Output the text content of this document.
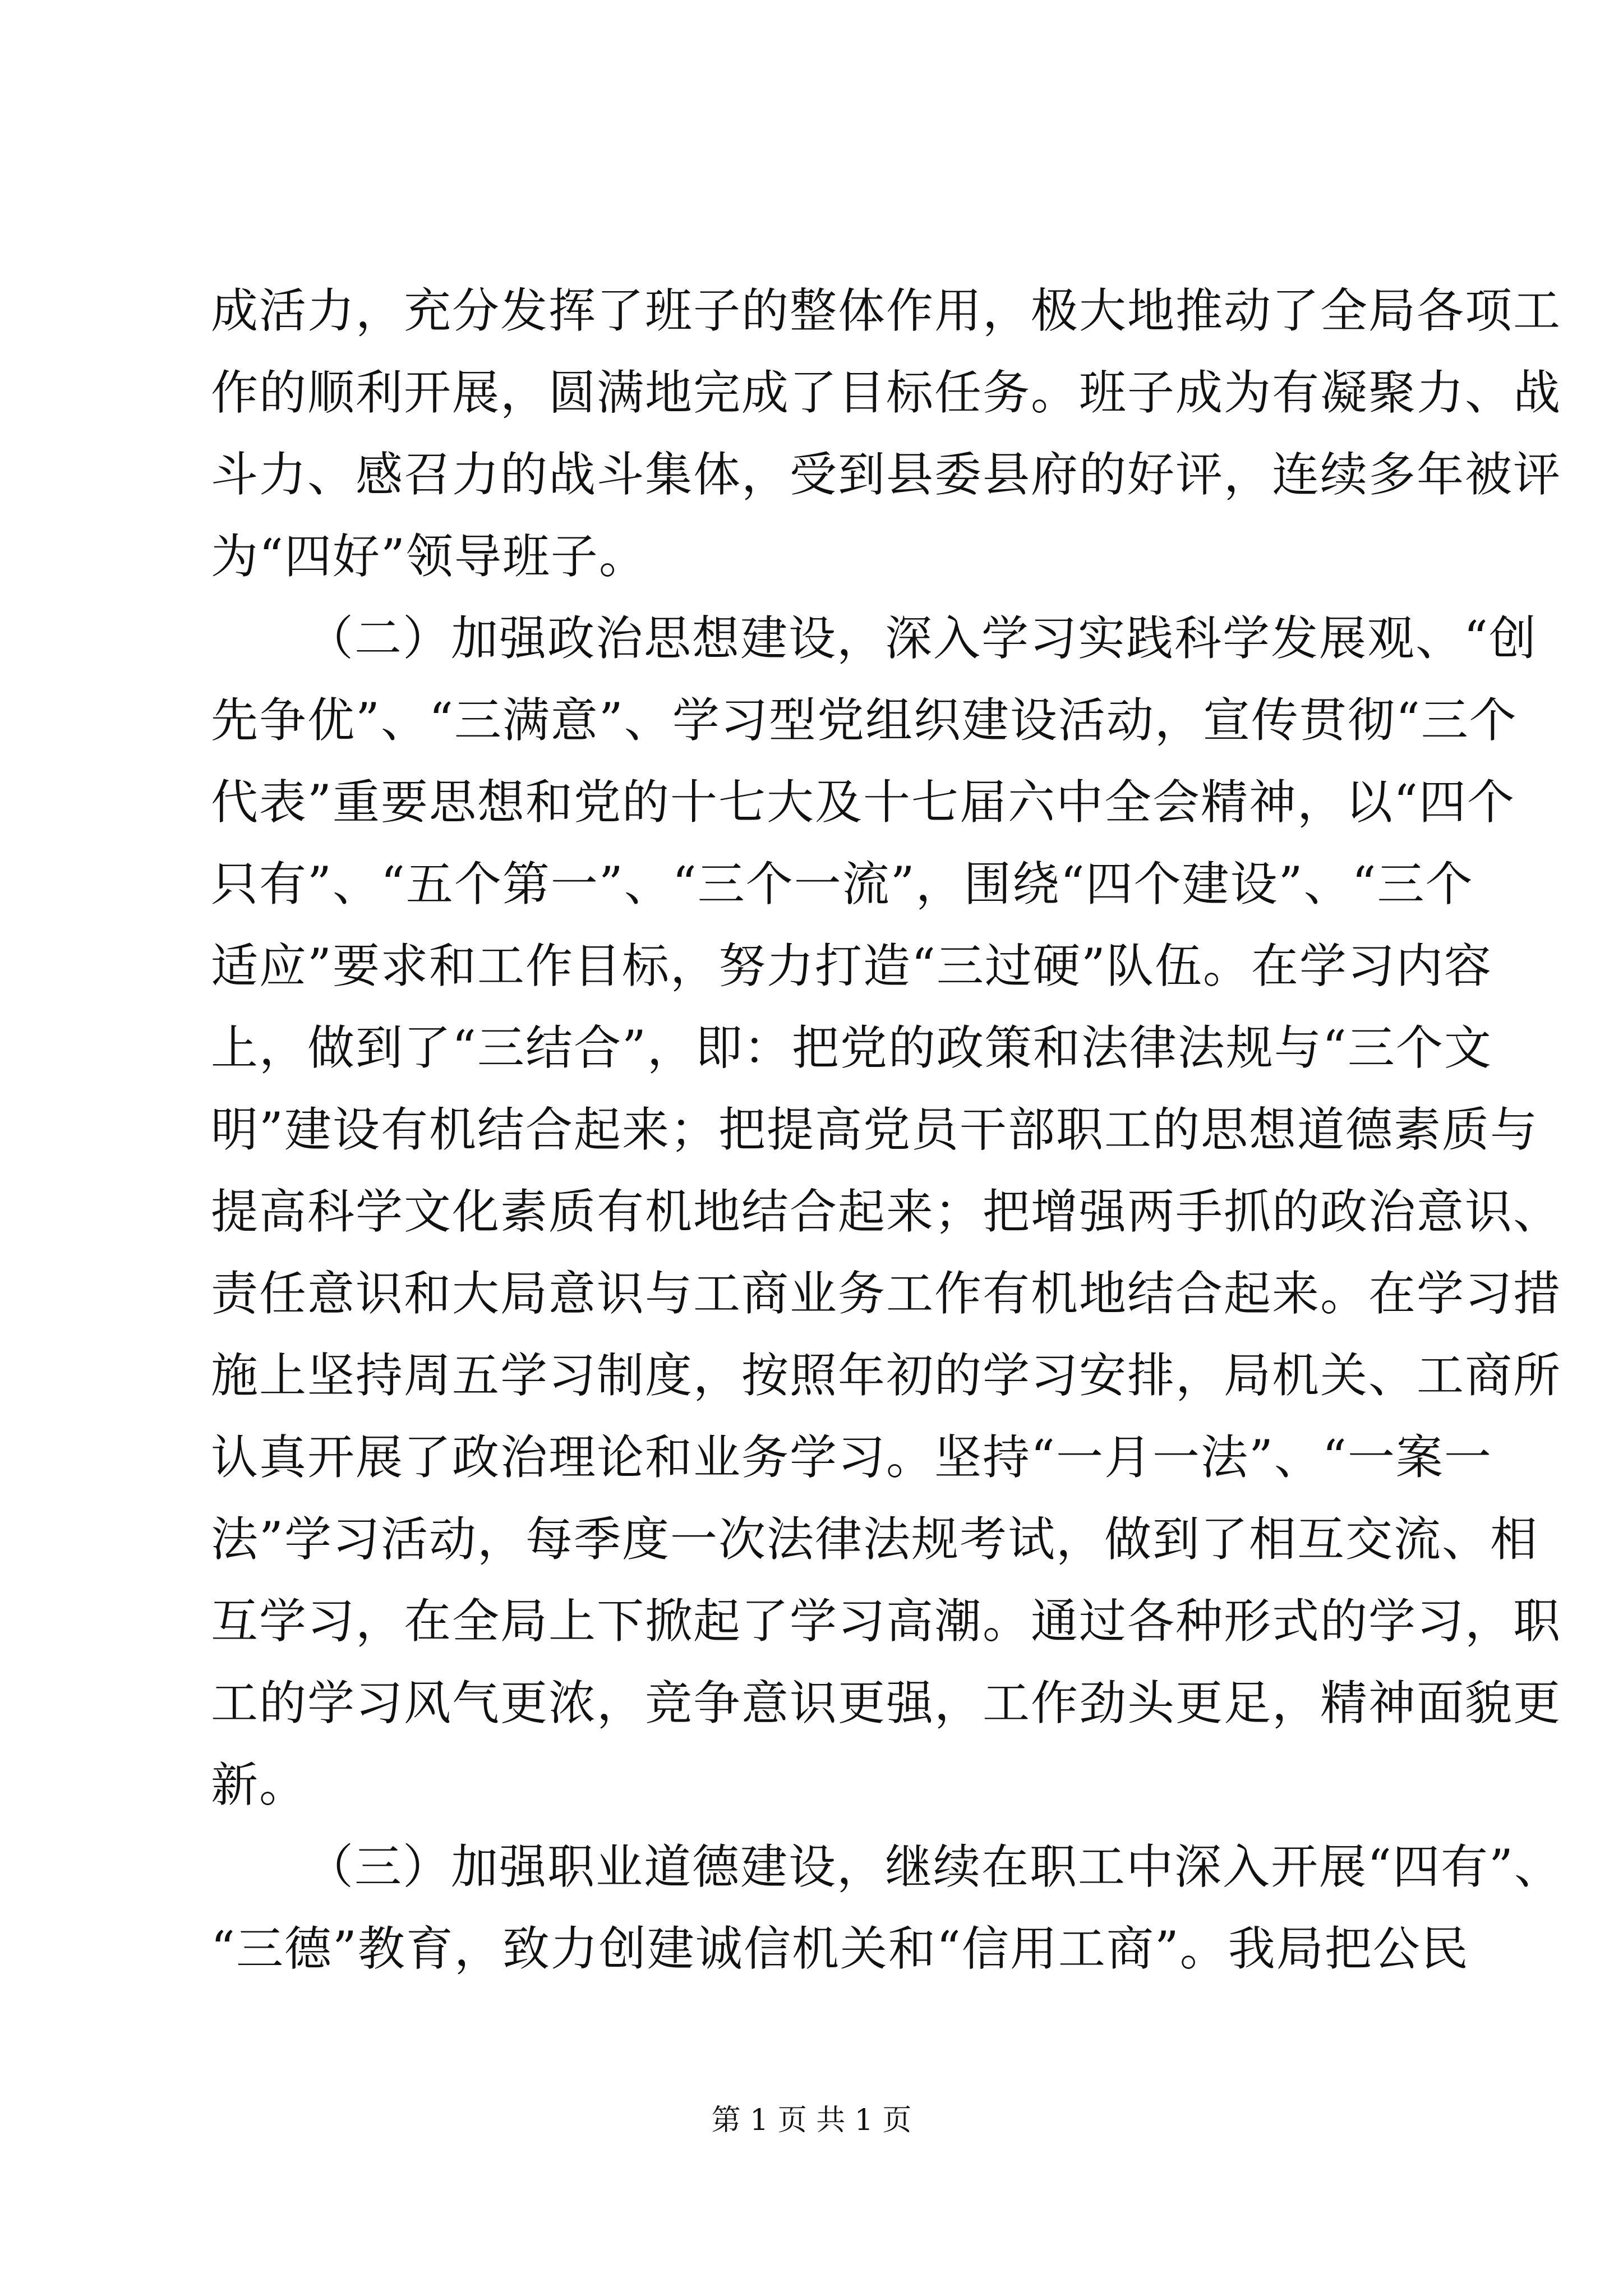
成活力，充分发挥了班子的整体作用，极大地推动了全局各项工
作的顺利开展，圆满地完成了目标任务。班子成为有凝聚力、战
斗力、感召力的战斗集体，受到县委县府的好评，连续多年被评
为“四好”领导班子。
（二）加强政治思想建设，深入学习实践科学发展观、“创
先争优”、“三满意”、学习型党组织建设活动，宣传贯彻“三个
代表”重要思想和党的十七大及十七届六中全会精神，以“四个
只有”、“五个第一”、“三个一流”，围绕“四个建设”、“三个
适应”要求和工作目标，努力打造“三过硬”队伍。在学习内容
上，做到了“三结合”，即：把党的政策和法律法规与“三个文
明”建设有机结合起来；把提高党员干部职工的思想道德素质与
提高科学文化素质有机地结合起来；把增强两手抓的政治意识、
责任意识和大局意识与工商业务工作有机地结合起来。在学习措
施上坚持周五学习制度，按照年初的学习安排，局机关、工商所
认真开展了政治理论和业务学习。坚持“一月一法”、“一案一
法”学习活动，每季度一次法律法规考试，做到了相互交流、相
互学习，在全局上下掀起了学习高潮。通过各种形式的学习，职
工的学习风气更浓，竞争意识更强，工作劲头更足，精神面貌更
新。
（三）加强职业道德建设，继续在职工中深入开展“四有”、
“三德”教育，致力创建诚信机关和“信用工商”。我局把公民
第 1 页 共 1 页
